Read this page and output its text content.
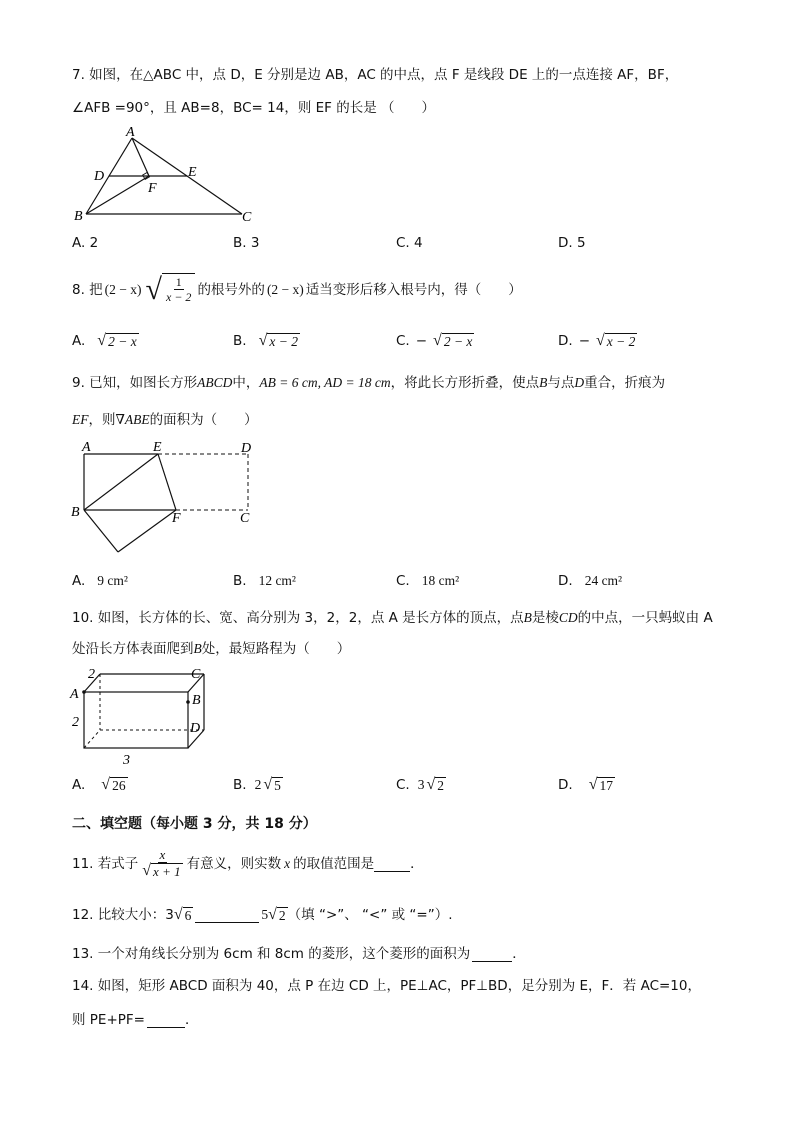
7. 如图，在△ABC 中，点 D，E 分别是边 AB，AC 的中点，点 F 是线段 DE 上的一点连接 AF，BF，
∠AFB =90°，且 AB=8，BC= 14，则 EF 的长是 （　　）
A
D	E
F
B	C
A. 2	B. 3	C. 4	D. 5
8. 把 (2 − x) √ $\frac{1}{x - 2}$ 的根号外的 (2 − x) 适当变形后移入根号内，得（　　）
A. √ 2 − x	B. √ x − 2	C. − √ 2 − x	D. − √ x − 2
9. 已知，如图长方形ABCD中，AB = 6 cm, AD = 18 cm，将此长方形折叠，使点B与点D重合，折痕为
EF，则∇ABE的面积为（　　）
A	E	D
B	F	C
A. 9 cm²	B. 12 cm²	C. 18 cm²	D. 24 cm²
10. 如图，长方体的长、宽、高分别为 3，2，2，点 A 是长方体的顶点，点B是棱CD的中点，一只蚂蚁由 A
处沿长方体表面爬到B处，最短路程为（　　）
2
A
2
3
C
B
D
A. √ 26	B. 2 √ 5	C. 3 √ 2	D. √ 17
二、填空题（每小题 3 分，共 18 分）
11. 若式子 $\frac{x}{√ x + 1}$ 有意义，则实数 x 的取值范围是	．
12. 比较大小：3 √ 6	5 √ 2 （填 “>”、 “<” 或 “=”）.
13. 一个对角线长分别为 6cm 和 8cm 的菱形，这个菱形的面积为	．
14. 如图，矩形 ABCD 面积为 40，点 P 在边 CD 上，PE⊥AC，PF⊥BD，足分别为 E，F．若 AC=10，
则 PE+PF=	．
